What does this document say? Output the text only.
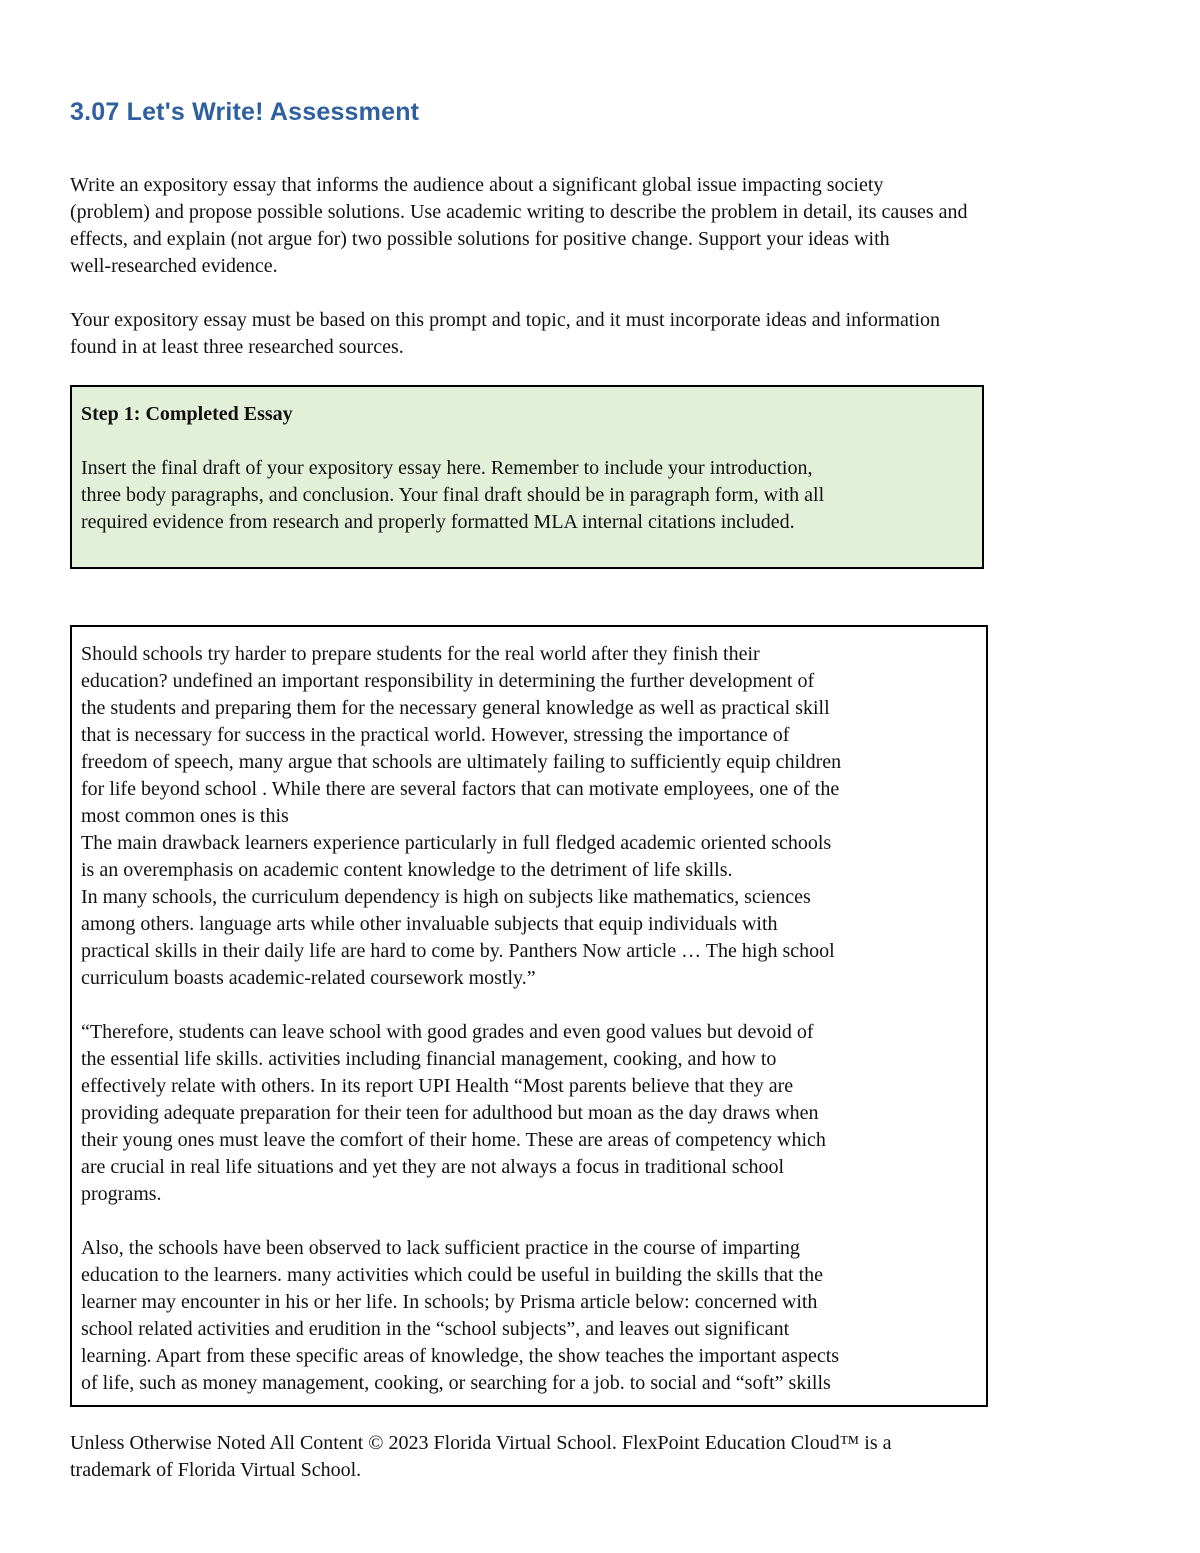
3.07 Let's Write! Assessment

Write an expository essay that informs the audience about a significant global issue impacting society
(problem) and propose possible solutions. Use academic writing to describe the problem in detail, its causes and
effects, and explain (not argue for) two possible solutions for positive change. Support your ideas with
well-researched evidence.

Your expository essay must be based on this prompt and topic, and it must incorporate ideas and information
found in at least three researched sources.

Step 1: Completed Essay

Insert the final draft of your expository essay here. Remember to include your introduction,
three body paragraphs, and conclusion. Your final draft should be in paragraph form, with all
required evidence from research and properly formatted MLA internal citations included.

Should schools try harder to prepare students for the real world after they finish their
education? undefined an important responsibility in determining the further development of
the students and preparing them for the necessary general knowledge as well as practical skill
that is necessary for success in the practical world. However, stressing the importance of
freedom of speech, many argue that schools are ultimately failing to sufficiently equip children
for life beyond school . While there are several factors that can motivate employees, one of the
most common ones is this

The main drawback learners experience particularly in full fledged academic oriented schools
is an overemphasis on academic content knowledge to the detriment of life skills.

In many schools, the curriculum dependency is high on subjects like mathematics, sciences
among others. language arts while other invaluable subjects that equip individuals with
practical skills in their daily life are hard to come by. Panthers Now article … The high school
curriculum boasts academic-related coursework mostly.”

“Therefore, students can leave school with good grades and even good values but devoid of
the essential life skills. activities including financial management, cooking, and how to
effectively relate with others. In its report UPI Health “Most parents believe that they are
providing adequate preparation for their teen for adulthood but moan as the day draws when
their young ones must leave the comfort of their home. These are areas of competency which
are crucial in real life situations and yet they are not always a focus in traditional school
programs.

Also, the schools have been observed to lack sufficient practice in the course of imparting
education to the learners. many activities which could be useful in building the skills that the
learner may encounter in his or her life. In schools; by Prisma article below: concerned with
school related activities and erudition in the “school subjects”, and leaves out significant
learning. Apart from these specific areas of knowledge, the show teaches the important aspects
of life, such as money management, cooking, or searching for a job. to social and “soft” skills

Unless Otherwise Noted All Content © 2023 Florida Virtual School. FlexPoint Education Cloud™ is a
trademark of Florida Virtual School.
